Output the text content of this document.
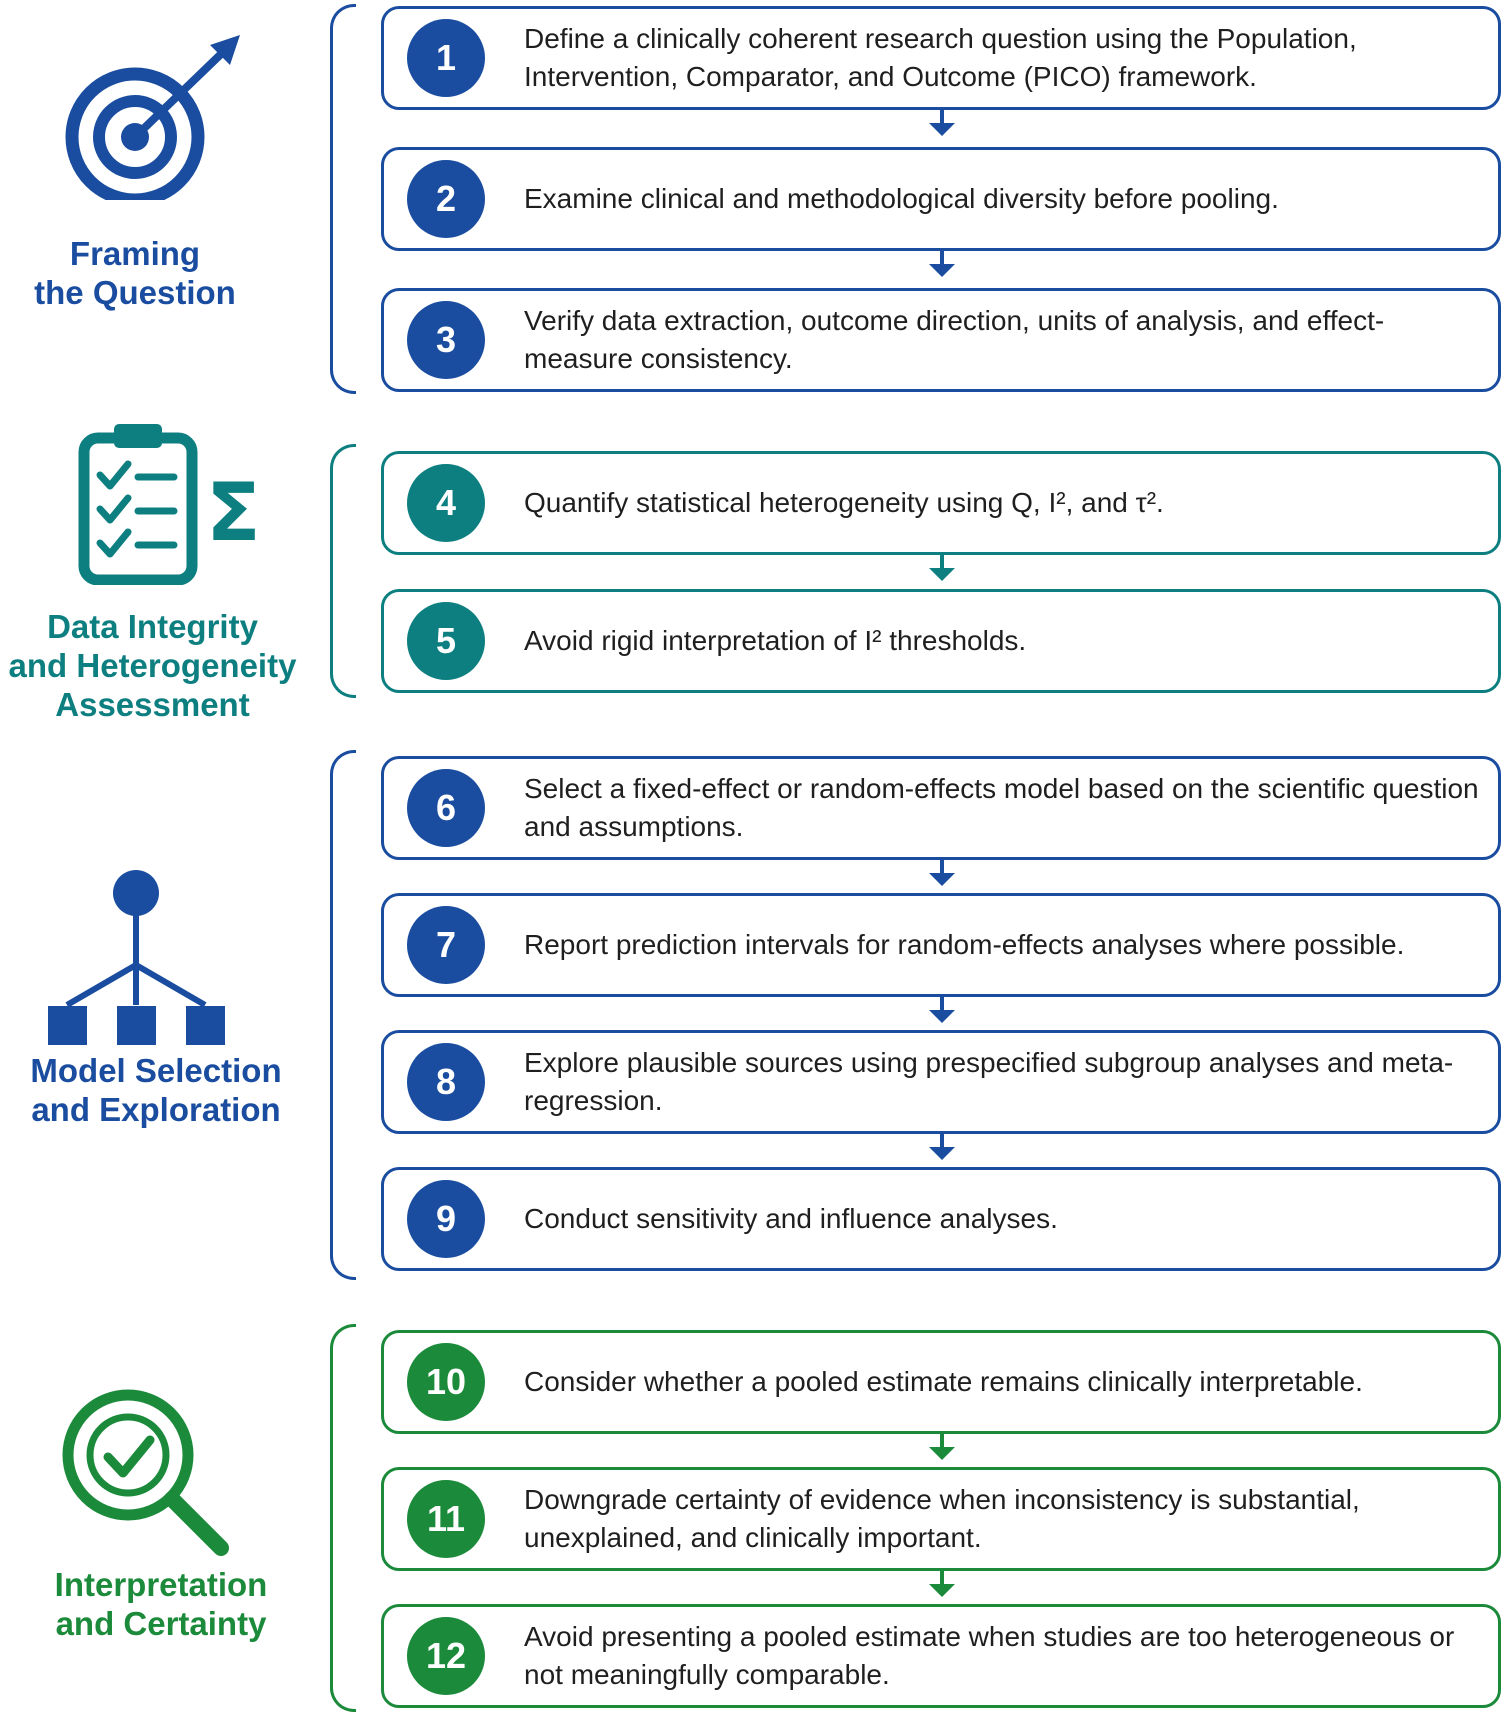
Framing
the Question
1	Define a clinically coherent research question using the Population, Intervention, Comparator, and Outcome (PICO) framework.
2	Examine clinical and methodological diversity before pooling.
3	Verify data extraction, outcome direction, units of analysis, and effect-measure consistency.
Σ
Data Integrity
and Heterogeneity
Assessment
4	Quantify statistical heterogeneity using Q, I², and τ².
5	Avoid rigid interpretation of I² thresholds.
Model Selection
and Exploration
6	Select a fixed-effect or random-effects model based on the scientific question and assumptions.
7	Report prediction intervals for random-effects analyses where possible.
8	Explore plausible sources using prespecified subgroup analyses and meta-regression.
9	Conduct sensitivity and influence analyses.
Interpretation
and Certainty
10	Consider whether a pooled estimate remains clinically interpretable.
11	Downgrade certainty of evidence when inconsistency is substantial, unexplained, and clinically important.
12	Avoid presenting a pooled estimate when studies are too heterogeneous or not meaningfully comparable.
